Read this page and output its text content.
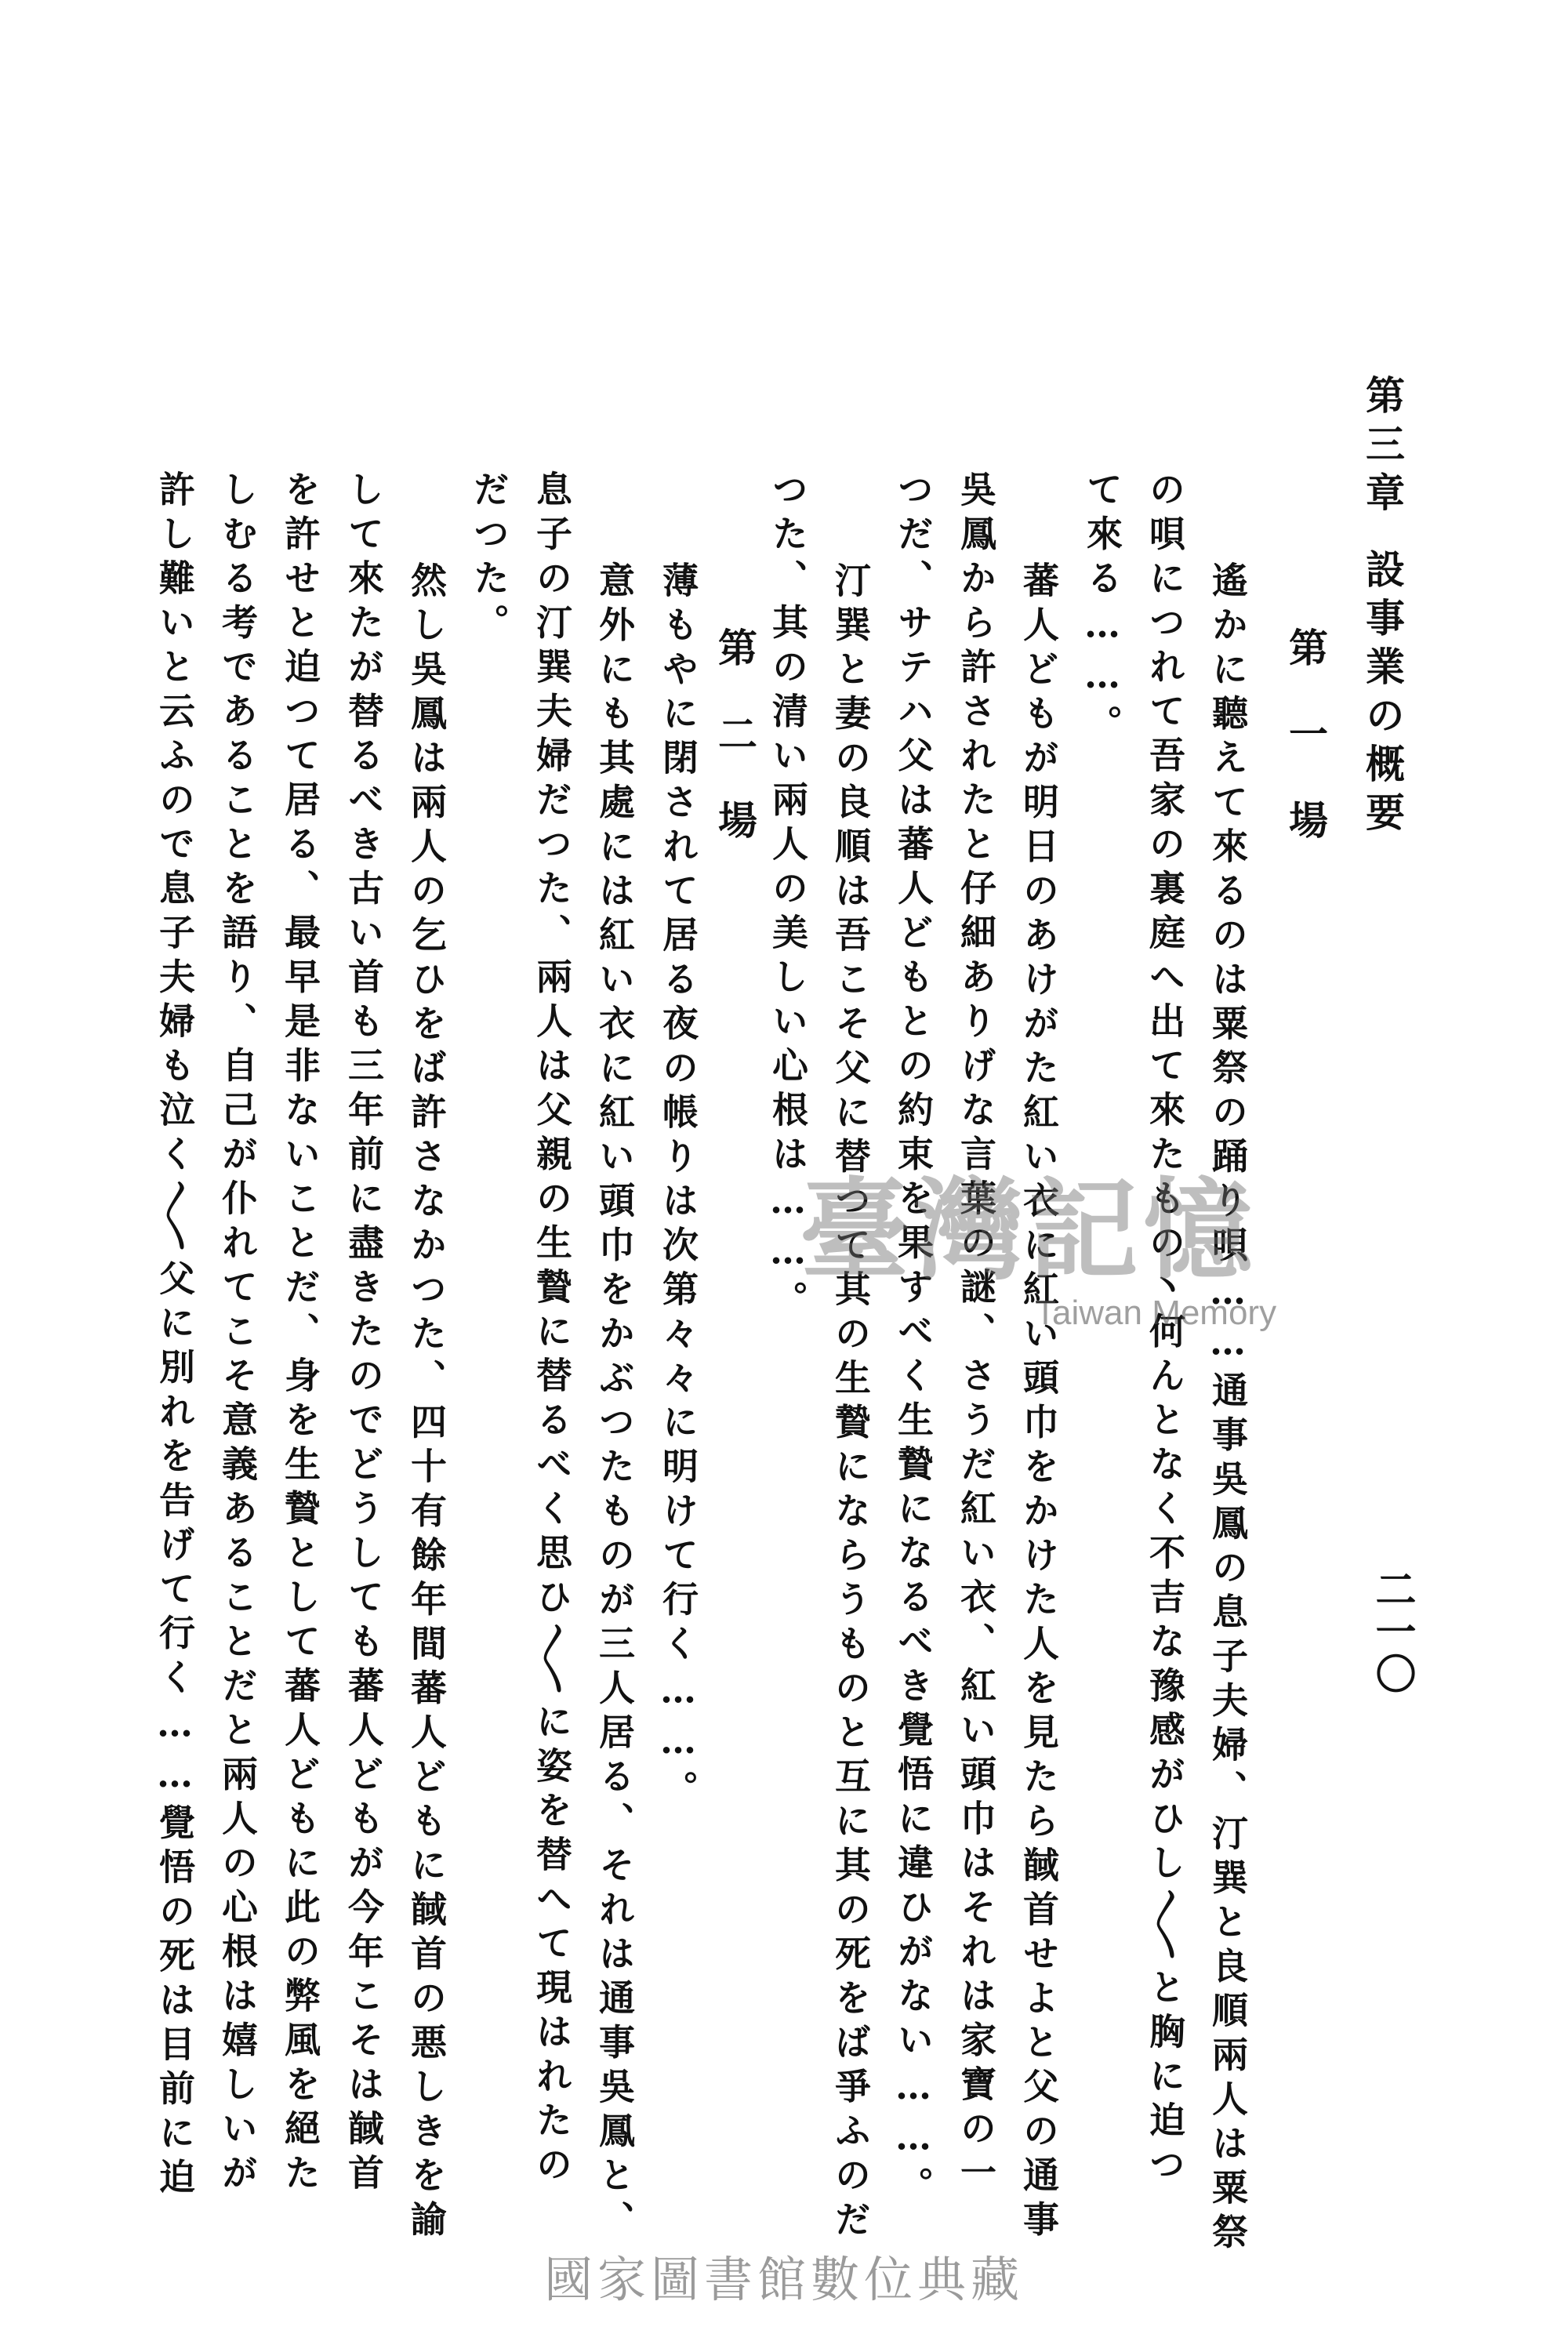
第三章
設事業の概要
二一〇
第一場
遙かに聽えて來るのは粟祭の踊り唄……通事吳鳳の息子夫婦、汀巽と良順兩人は粟祭
の唄につれて吾家の裏庭へ出て來たもの丶何んとなく不吉な豫感がひし〳〵と胸に迫つ
て來る……。
蕃人どもが明日のあけがた紅い衣に紅い頭巾をかけた人を見たら馘首せよと父の通事
吳鳳から許されたと仔細ありげな言葉の謎、さうだ紅い衣、紅い頭巾はそれは家寶の一
つだ、サテハ父は蕃人どもとの約束を果すべく生贄になるべき覺悟に違ひがない……。
汀巽と妻の良順は吾こそ父に替つて其の生贄にならうものと互に其の死をば爭ふのだ
つた、其の清い兩人の美しい心根は……。
第二場
薄もやに閉されて居る夜の帳りは次第々々に明けて行く……。
意外にも其處には紅い衣に紅い頭巾をかぶつたものが三人居る、それは通事吳鳳と、
息子の汀巽夫婦だつた、兩人は父親の生贄に替るべく思ひ〳〵に姿を替へて現はれたの
だつた。
然し吳鳳は兩人の乞ひをば許さなかつた、四十有餘年間蕃人どもに馘首の悪しきを諭
して來たが替るべき古い首も三年前に盡きたのでどうしても蕃人どもが今年こそは馘首
を許せと迫つて居る、最早是非ないことだ、身を生贄として蕃人どもに此の弊風を絕た
しむる考であることを語り、自己が仆れてこそ意義あることだと兩人の心根は嬉しいが
許し難いと云ふので息子夫婦も泣く〳〵父に別れを告げて行く……覺悟の死は目前に迫	臺灣記憶
Taiwan Memory
國家圖書館數位典藏
